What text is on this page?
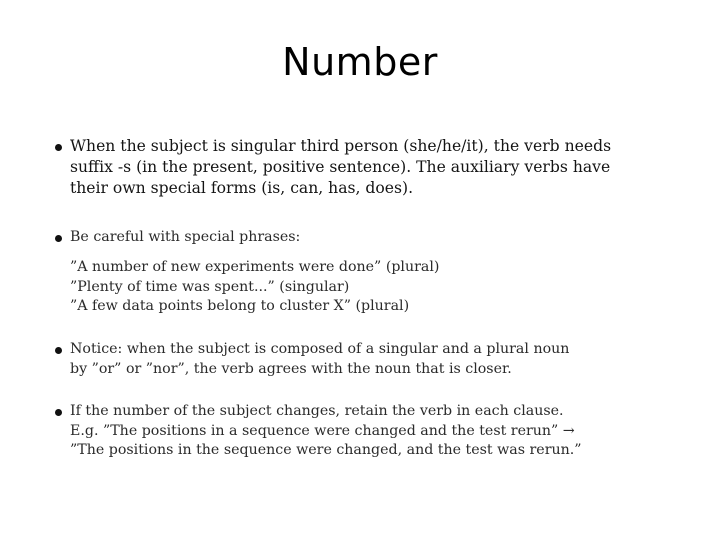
Number
When the subject is singular third person (she/he/it), the verb needs
suffix -s (in the present, positive sentence). The auxiliary verbs have
their own special forms (is, can, has, does).
Be careful with special phrases:
”A number of new experiments were done” (plural)
”Plenty of time was spent...” (singular)
”A few data points belong to cluster X” (plural)
Notice: when the subject is composed of a singular and a plural noun
by ”or” or ”nor”, the verb agrees with the noun that is closer.
If the number of the subject changes, retain the verb in each clause.
E.g. ”The positions in a sequence were changed and the test rerun” →
”The positions in the sequence were changed, and the test was rerun.”
